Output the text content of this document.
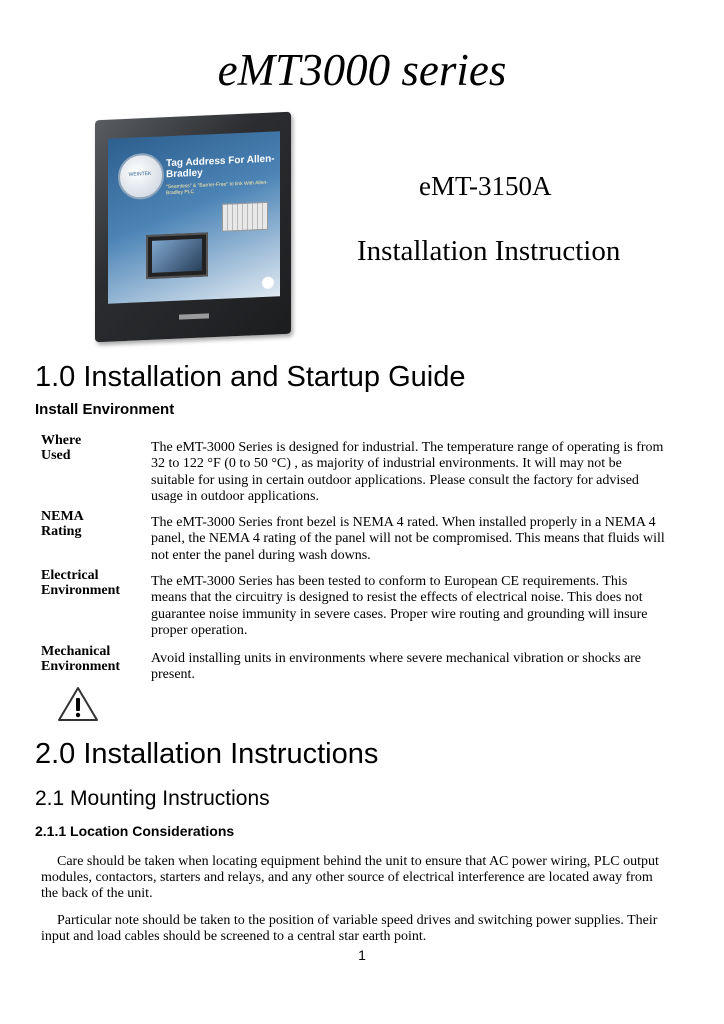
eMT3000 series
WEINTEK
Tag Address For Allen-Bradley
"Seamless" & "Barrier-Free" to link With Allen-Bradley PLC	eMT-3150A
Installation Instruction
1.0 Installation and Startup Guide
Install Environment
Where
Used
The eMT-3000 Series is designed for industrial. The temperature range of operating is from 32 to 122 °F (0 to 50 °C) , as majority of industrial environments. It will may not be suitable for using in certain outdoor applications. Please consult the factory for advised usage in outdoor applications.
NEMA
Rating
The eMT-3000 Series front bezel is NEMA 4 rated. When installed properly in a NEMA 4 panel, the NEMA 4 rating of the panel will not be compromised. This means that fluids will not enter the panel during wash downs.
Electrical
Environment
The eMT-3000 Series has been tested to conform to European CE requirements. This means that the circuitry is designed to resist the effects of electrical noise. This does not guarantee noise immunity in severe cases. Proper wire routing and grounding will insure proper operation.
Mechanical
Environment
Avoid installing units in environments where severe mechanical vibration or shocks are present.
2.0 Installation Instructions
2.1 Mounting Instructions
2.1.1 Location Considerations
Care should be taken when locating equipment behind the unit to ensure that AC power wiring, PLC output modules, contactors, starters and relays, and any other source of electrical interference are located away from the back of the unit.
Particular note should be taken to the position of variable speed drives and switching power supplies. Their input and load cables should be screened to a central star earth point.
1
